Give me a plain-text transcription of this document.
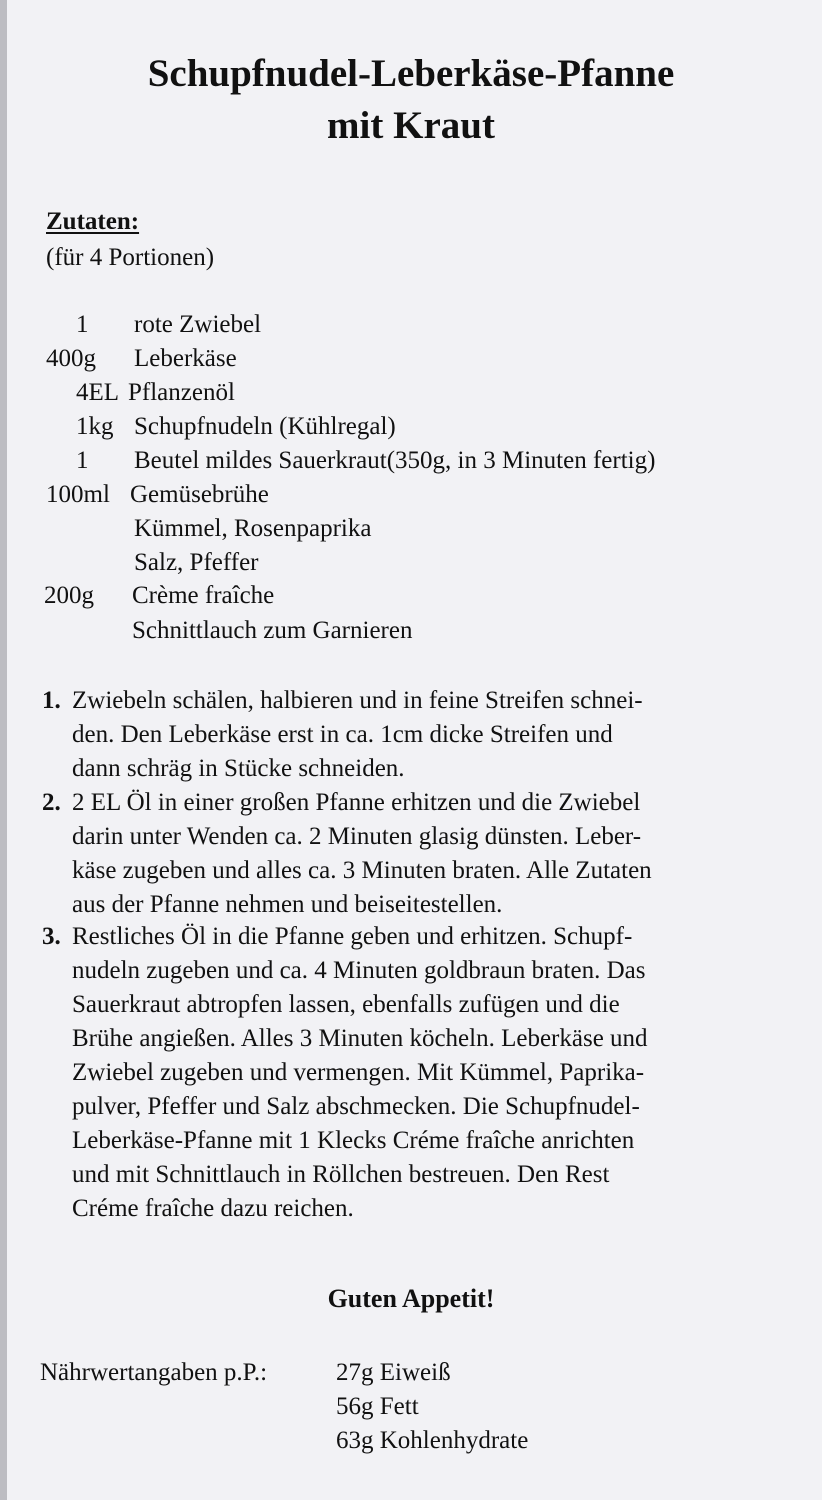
Schupfnudel-Leberkäse-Pfanne
mit Kraut

Zutaten:

(für 4 Portionen)

1 rote Zwiebel
400g Leberkäse
4EL Pflanzenöl
1kg Schupfnudeln (Kühlregal)
1 Beutel mildes Sauerkraut(350g, in 3 Minuten fertig)
100ml Gemüsebrühe
Kümmel, Rosenpaprika
Salz, Pfeffer
200g Crème fraîche
Schnittlauch zum Garnieren
1. Zwiebeln schälen, halbieren und in feine Streifen schnei-
den. Den Leberkäse erst in ca. 1cm dicke Streifen und
dann schräg in Stücke schneiden.
2. 2 EL Öl in einer großen Pfanne erhitzen und die Zwiebel
darin unter Wenden ca. 2 Minuten glasig dünsten. Leber-
käse zugeben und alles ca. 3 Minuten braten. Alle Zutaten
aus der Pfanne nehmen und beiseitestellen.
3. Restliches Öl in die Pfanne geben und erhitzen. Schupf-
nudeln zugeben und ca. 4 Minuten goldbraun braten. Das
Sauerkraut abtropfen lassen, ebenfalls zufügen und die
Brühe angießen. Alles 3 Minuten köcheln. Leberkäse und
Zwiebel zugeben und vermengen. Mit Kümmel, Paprika-
pulver, Pfeffer und Salz abschmecken. Die Schupfnudel-
Leberkäse-Pfanne mit 1 Klecks Créme fraîche anrichten
und mit Schnittlauch in Röllchen bestreuen. Den Rest
Créme fraîche dazu reichen.

Guten Appetit!

Nährwertangaben p.P.:	27g Eiweiß
56g Fett
63g Kohlenhydrate
